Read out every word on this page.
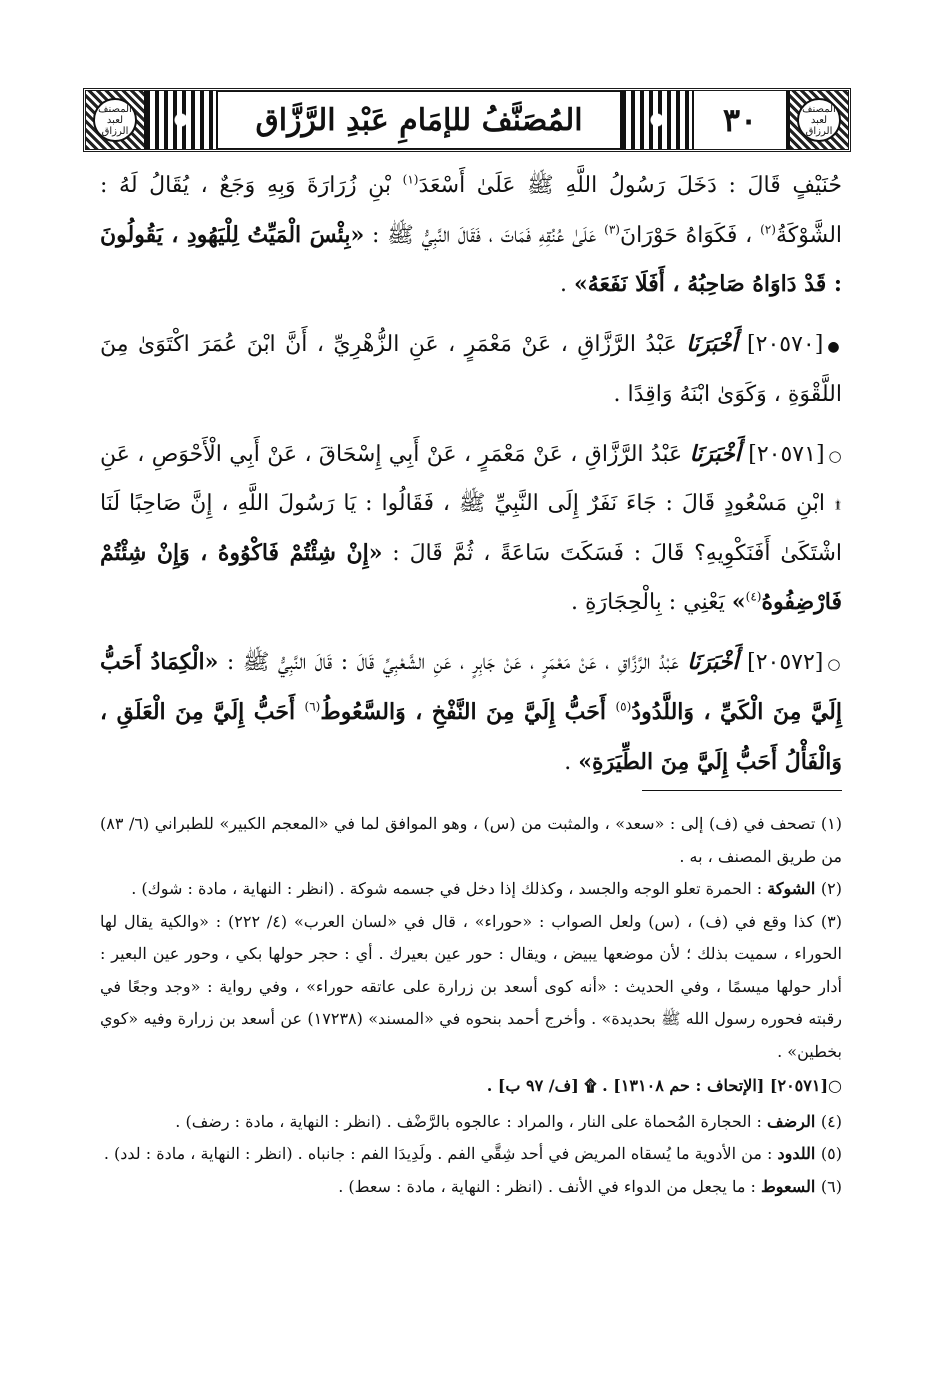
المصنف لعبد الرزاق	المُصَنَّفُ للإمَامِ عَبْدِ الرَّزَّاق	٣٠	المصنف لعبد الرزاق

حُنَيْفٍ قَالَ : دَخَلَ رَسُولُ اللَّهِ ﷺ عَلَىٰ أَسْعَدَ$^{(١)}$ بْنِ زُرَارَةَ وَبِهِ وَجَعٌ ، يُقَالُ لَهُ : الشَّوْكَةُ$^{(٢)}$ ، فَكَوَاهُ حَوْرَانَ$^{(٣)}$ عَلَىٰ عُنُقِهِ فَمَاتَ ، فَقَالَ النَّبِيُّ ﷺ : «بِئْسَ الْمَيِّتُ لِلْيَهُودِ ، يَقُولُونَ : قَدْ دَاوَاهُ صَاحِبُهُ ، أَفَلَا نَفَعَهُ» .

●[٢٠٥٧٠] أَخْبَرَنَا عَبْدُ الرَّزَّاقِ ، عَنْ مَعْمَرٍ ، عَنِ الزُّهْرِيِّ ، أَنَّ ابْنَ عُمَرَ اكْتَوَىٰ مِنَ اللَّقْوَةِ ، وَكَوَىٰ ابْنَهُ وَاقِدًا .

○[٢٠٥٧١] أَخْبَرَنَا عَبْدُ الرَّزَّاقِ ، عَنْ مَعْمَرٍ ، عَنْ أَبِي إِسْحَاقَ ، عَنْ أَبِي الْأَحْوَصِ ، عَنِ ۩ ابْنِ مَسْعُودٍ قَالَ : جَاءَ نَفَرٌ إِلَى النَّبِيِّ ﷺ ، فَقَالُوا : يَا رَسُولَ اللَّهِ ، إِنَّ صَاحِبًا لَنَا اشْتَكَىٰ أَفَنَكْوِيهِ؟ قَالَ : فَسَكَتَ سَاعَةً ، ثُمَّ قَالَ : «إِنْ شِئْتُمْ فَاكْوُوهُ ، وَإِنْ شِئْتُمْ فَارْضِفُوهُ$^{(٤)}$» يَعْنِي : بِالْحِجَارَةِ .

○[٢٠٥٧٢] أَخْبَرَنَا عَبْدُ الرَّزَّاقِ ، عَنْ مَعْمَرٍ ، عَنْ جَابِرٍ ، عَنِ الشَّعْبِيِّ قَالَ : قَالَ النَّبِيُّ ﷺ : «الْكِمَادُ أَحَبُّ إِلَيَّ مِنَ الْكَيِّ ، وَاللَّدُودُ$^{(٥)}$ أَحَبُّ إِلَيَّ مِنَ النَّفْخِ ، وَالسَّعُوطُ$^{(٦)}$ أَحَبُّ إِلَيَّ مِنَ الْعَلَقِ ، وَالْفَأْلُ أَحَبُّ إِلَيَّ مِنَ الطِّيَرَةِ» .

(١) تصحف في (ف) إلى : «سعد» ، والمثبت من (س) ، وهو الموافق لما في «المعجم الكبير» للطبراني (٦/ ٨٣) من طريق المصنف ، به .
(٢) الشوكة : الحمرة تعلو الوجه والجسد ، وكذلك إذا دخل في جسمه شوكة . (انظر : النهاية ، مادة : شوك) .
(٣) كذا وقع في (ف) ، (س) ولعل الصواب : «حوراء» ، قال في «لسان العرب» (٤/ ٢٢٢) : «والكية يقال لها الحوراء ، سميت بذلك ؛ لأن موضعها يبيض ، ويقال : حور عين بعيرك . أي : حجر حولها بكي ، وحور عين البعير : أدار حولها ميسمًا ، وفي الحديث : «أنه كوى أسعد بن زرارة على عاتقه حوراء» ، وفي رواية : «وجد وجعًا في رقبته فحوره رسول الله ﷺ بحديدة» . وأخرج أحمد بنحوه في «المسند» (١٧٢٣٨) عن أسعد بن زرارة وفيه «كوي بخطين» .
○[٢٠٥٧١] [الإتحاف : حم ١٣١٠٨] . ۩ [ف/ ٩٧ ب] .
(٤) الرضف : الحجارة المُحماة على النار ، والمراد : عالجوه بالرَّضْف . (انظر : النهاية ، مادة : رضف) .
(٥) اللدود : من الأدوية ما يُسقاه المريض في أحد شِقَّي الفم . ولَدِيدَا الفم : جانباه . (انظر : النهاية ، مادة : لدد) .
(٦) السعوط : ما يجعل من الدواء في الأنف . (انظر : النهاية ، مادة : سعط) .
